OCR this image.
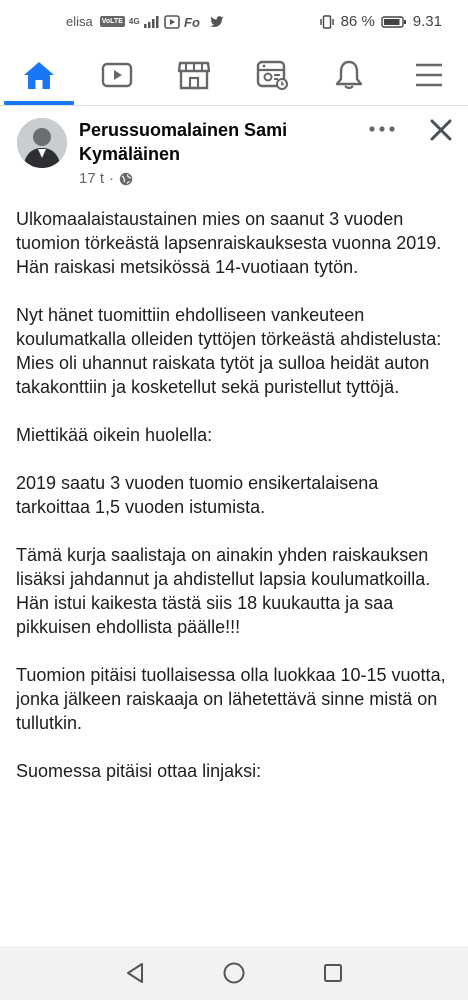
elisa VoLTE 4G	Fo	86 %	9.31
Perussuomalainen Sami
Kymäläinen
17 t ·

Ulkomaalaistaustainen mies on saanut 3 vuoden tuomion törkeästä lapsenraiskauksesta vuonna 2019. Hän raiskasi metsikössä 14-vuotiaan tytön.

Nyt hänet tuomittiin ehdolliseen vankeuteen koulumatkalla olleiden tyttöjen törkeästä ahdistelusta: Mies oli uhannut raiskata tytöt ja sulloa heidät auton takakonttiin ja kosketellut sekä puristellut tyttöjä.

Miettikää oikein huolella:

2019 saatu 3 vuoden tuomio ensikertalaisena tarkoittaa 1,5 vuoden istumista.

Tämä kurja saalistaja on ainakin yhden raiskauksen lisäksi jahdannut ja ahdistellut lapsia koulumatkoilla. Hän istui kaikesta tästä siis 18 kuukautta ja saa pikkuisen ehdollista päälle!!!

Tuomion pitäisi tuollaisessa olla luokkaa 10-15 vuotta, jonka jälkeen raiskaaja on lähetettävä sinne mistä on tullutkin.

Suomessa pitäisi ottaa linjaksi:
